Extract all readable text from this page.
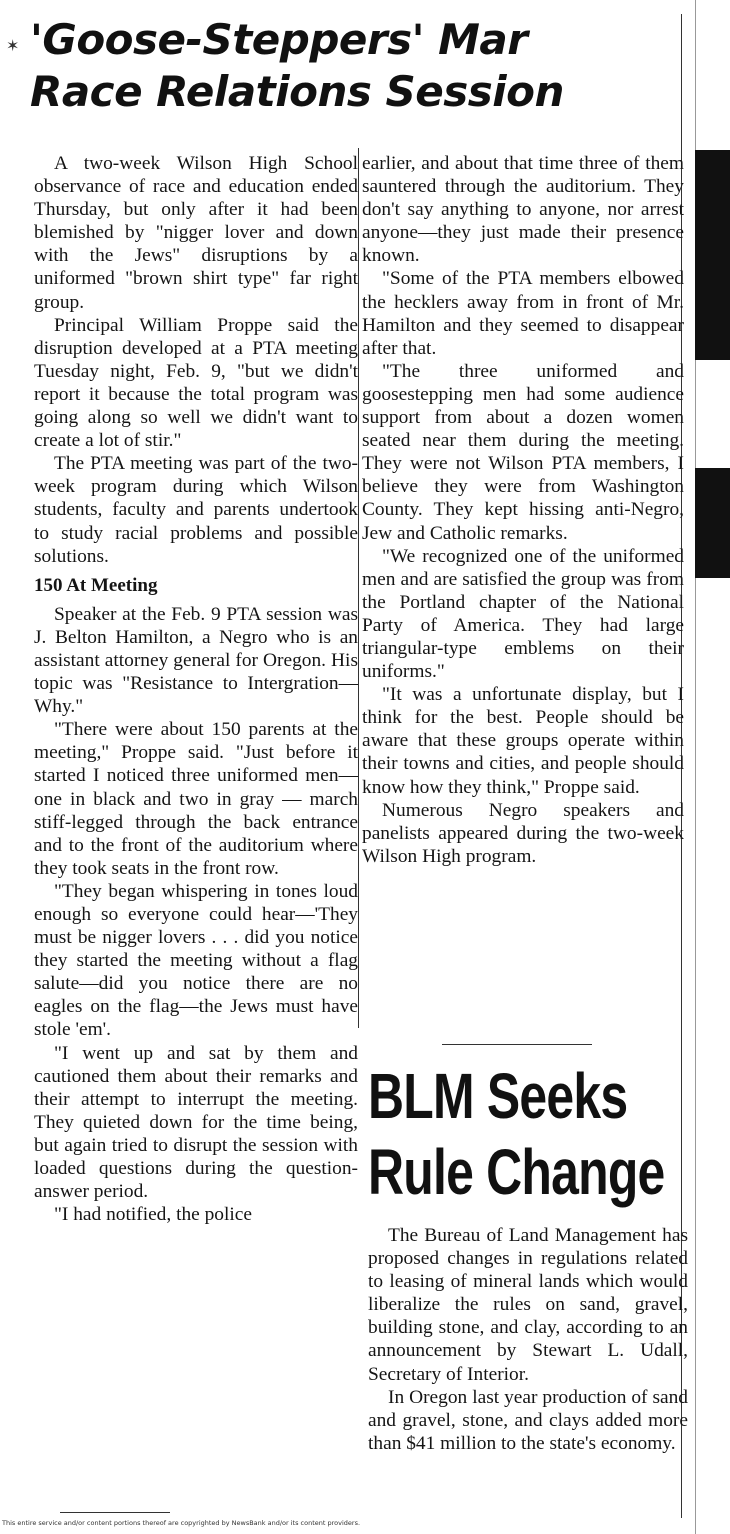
✶ 'Goose-Steppers' Mar
Race Relations Session

A two-week Wilson High School observance of race and education ended Thursday, but only after it had been blemished by "nigger lover and down with the Jews" disruptions by a uniformed "brown shirt type" far right group.

Principal William Proppe said the disruption developed at a PTA meeting Tuesday night, Feb. 9, "but we didn't report it because the total program was going along so well we didn't want to create a lot of stir."

The PTA meeting was part of the two-week program during which Wilson students, faculty and parents undertook to study racial problems and possible solutions.

150 At Meeting

Speaker at the Feb. 9 PTA session was J. Belton Hamilton, a Negro who is an assistant attorney general for Oregon. His topic was "Resistance to Intergration—Why."

"There were about 150 parents at the meeting," Proppe said. "Just before it started I noticed three uniformed men—one in black and two in gray — march stiff-legged through the back entrance and to the front of the auditorium where they took seats in the front row.

"They began whispering in tones loud enough so everyone could hear—'They must be nigger lovers . . . did you notice they started the meeting without a flag salute—did you notice there are no eagles on the flag—the Jews must have stole 'em'.

"I went up and sat by them and cautioned them about their remarks and their attempt to interrupt the meeting. They quieted down for the time being, but again tried to disrupt the session with loaded questions during the question-answer period.

"I had notified, the police

earlier, and about that time three of them sauntered through the auditorium. They don't say anything to anyone, nor arrest anyone—they just made their presence known.

"Some of the PTA members elbowed the hecklers away from in front of Mr. Hamilton and they seemed to disappear after that.

"The three uniformed and goosestepping men had some audience support from about a dozen women seated near them during the meeting. They were not Wilson PTA members, I believe they were from Washington County. They kept hissing anti-Negro, Jew and Catholic remarks.

"We recognized one of the uniformed men and are satisfied the group was from the Portland chapter of the National Party of America. They had large triangular-type emblems on their uniforms."

"It was a unfortunate display, but I think for the best. People should be aware that these groups operate within their towns and cities, and people should know how they think," Proppe said.

Numerous Negro speakers and panelists appeared during the two-week Wilson High program.

BLM Seeks
Rule Change

The Bureau of Land Management has proposed changes in regulations related to leasing of mineral lands which would liberalize the rules on sand, gravel, building stone, and clay, according to an announcement by Stewart L. Udall, Secretary of Interior.

In Oregon last year production of sand and gravel, stone, and clays added more than $41 million to the state's economy.

This entire service and/or content portions thereof are copyrighted by NewsBank and/or its content providers.
